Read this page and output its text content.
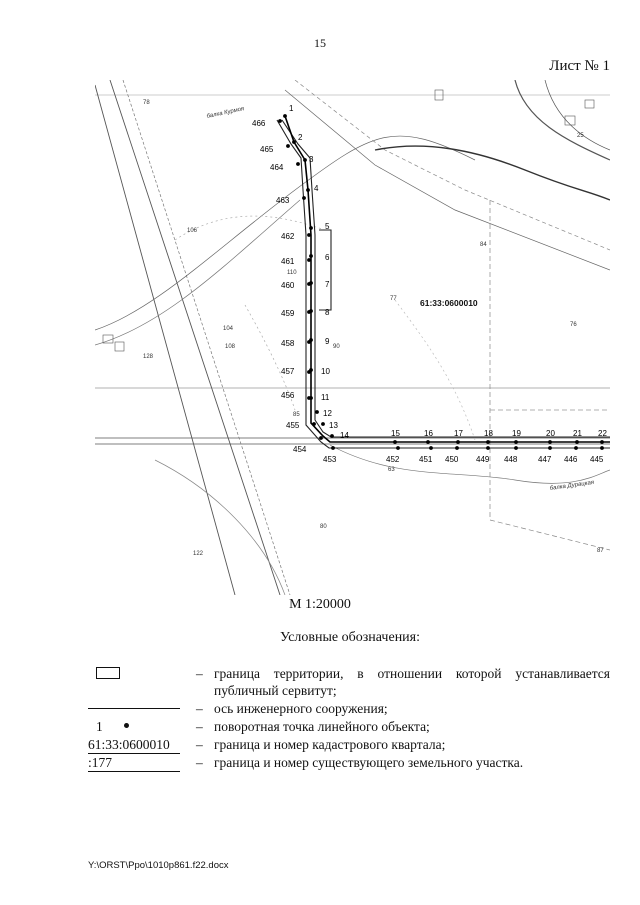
15
Лист № 1
1
2
3
4
5
6
7
8
9
10
11
12
13
14	15	16	17	18 19	20 21 22
466
465
464
463
462
461
460
459
458
457
456
455
454
453	452 451 450 449 448	447 446 445
78
25
84
76
77
110
108
128
106
90
85
63
80
122	87
104
балка Курмоя
балка Дурацкая
61:33:0600010
М 1:20000
Условные обозначения:
– граница территории, в отношении которой устанавливается публичный сервитут;
– ось инженерного сооружения;
1	– поворотная точка линейного объекта;
61:33:0600010	– граница и номер кадастрового квартала;
:177	– граница и номер существующего земельного участка.
Y:\ORST\Ppo\1010p861.f22.docx
